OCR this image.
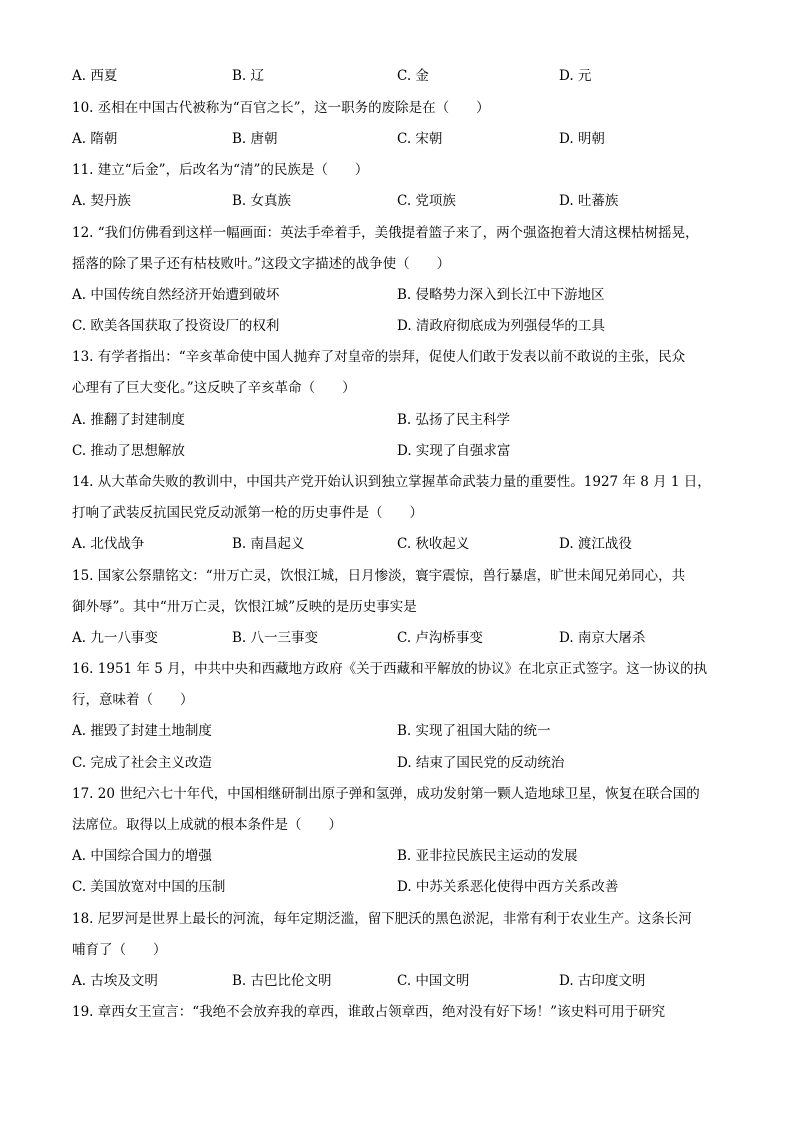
A. 西夏	B. 辽	C. 金	D. 元
10. 丞相在中国古代被称为“百官之长”，这一职务的废除是在（　　）
A. 隋朝	B. 唐朝	C. 宋朝	D. 明朝
11. 建立“后金”，后改名为“清”的民族是（　　）
A. 契丹族	B. 女真族	C. 党项族	D. 吐蕃族
12. “我们仿佛看到这样一幅画面：英法手牵着手，美俄提着篮子来了，两个强盗抱着大清这棵枯树摇晃，
摇落的除了果子还有枯枝败叶。”这段文字描述的战争使（　　）
A. 中国传统自然经济开始遭到破坏	B. 侵略势力深入到长江中下游地区
C. 欧美各国获取了投资设厂的权利	D. 清政府彻底成为列强侵华的工具
13. 有学者指出：“辛亥革命使中国人抛弃了对皇帝的崇拜，促使人们敢于发表以前不敢说的主张，民众
心理有了巨大变化。”这反映了辛亥革命（　　）
A. 推翻了封建制度	B. 弘扬了民主科学
C. 推动了思想解放	D. 实现了自强求富
14. 从大革命失败的教训中，中国共产党开始认识到独立掌握革命武装力量的重要性。1927 年 8 月 1 日，
打响了武装反抗国民党反动派第一枪的历史事件是（　　）
A. 北伐战争	B. 南昌起义	C. 秋收起义	D. 渡江战役
15. 国家公祭鼎铭文：“卅万亡灵，饮恨江城，日月惨淡，寰宇震惊，兽行暴虐，旷世未闻兄弟同心，共
御外辱”。其中“卅万亡灵，饮恨江城”反映的是历史事实是
A. 九一八事变	B. 八一三事变	C. 卢沟桥事变	D. 南京大屠杀
16. 1951 年 5 月，中共中央和西藏地方政府《关于西藏和平解放的协议》在北京正式签字。这一协议的执
行，意味着（　　）
A. 摧毁了封建土地制度	B. 实现了祖国大陆的统一
C. 完成了社会主义改造	D. 结束了国民党的反动统治
17. 20 世纪六七十年代，中国相继研制出原子弹和氢弹，成功发射第一颗人造地球卫星，恢复在联合国的
法席位。取得以上成就的根本条件是（　　）
A. 中国综合国力的增强	B. 亚非拉民族民主运动的发展
C. 美国放宽对中国的压制	D. 中苏关系恶化使得中西方关系改善
18. 尼罗河是世界上最长的河流，每年定期泛滥，留下肥沃的黑色淤泥，非常有利于农业生产。这条长河
哺育了（　　）
A. 古埃及文明	B. 古巴比伦文明	C. 中国文明	D. 古印度文明
19. 章西女王宣言：“我绝不会放弃我的章西，谁敢占领章西，绝对没有好下场！”该史料可用于研究
